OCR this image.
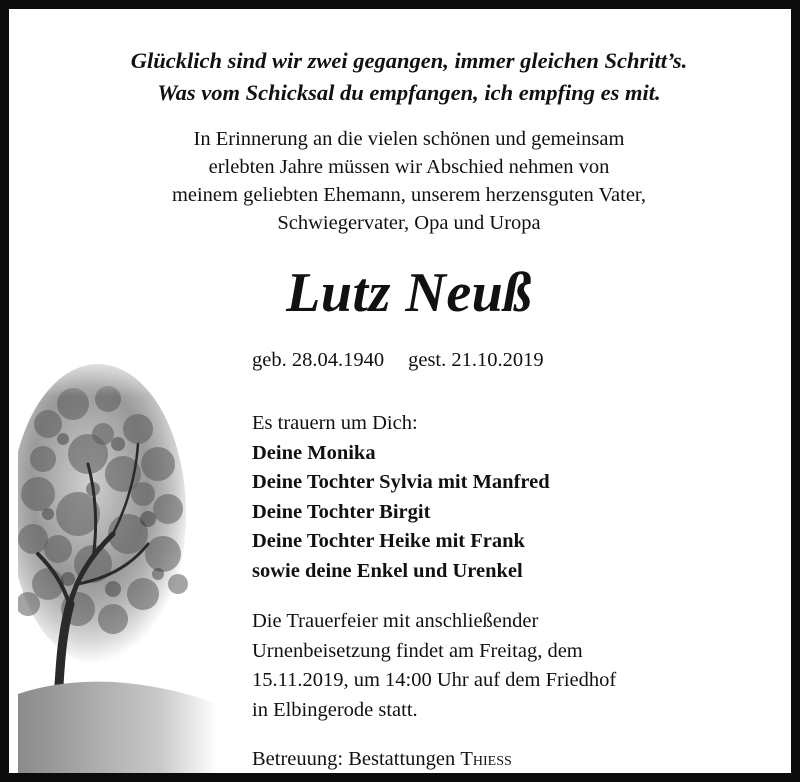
Glücklich sind wir zwei gegangen, immer gleichen Schritt’s.

Was vom Schicksal du empfangen, ich empfing es mit.

In Erinnerung an die vielen schönen und gemeinsam

erlebten Jahre müssen wir Abschied nehmen von

meinem geliebten Ehemann, unserem herzensguten Vater,

Schwiegervater, Opa und Uropa

Lutz Neuß
geb. 28.04.1940 gest. 21.10.2019

Es trauern um Dich:

Deine Monika
Deine Tochter Sylvia mit Manfred
Deine Tochter Birgit
Deine Tochter Heike mit Frank
sowie deine Enkel und Urenkel

Die Trauerfeier mit anschließender

Urnenbeisetzung findet am Freitag, dem

15.11.2019, um 14:00 Uhr auf dem Friedhof

in Elbingerode statt.

Betreuung: Bestattungen Thieß
